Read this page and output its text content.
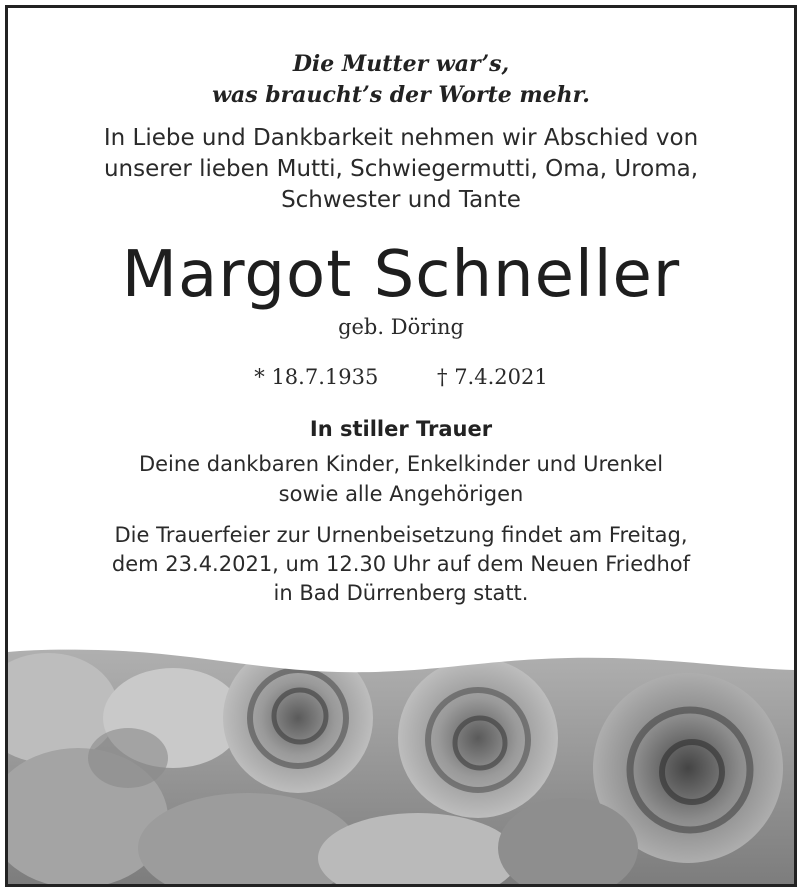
Die Mutter war’s,
was braucht’s der Worte mehr.
In Liebe und Dankbarkeit nehmen wir Abschied von
unserer lieben Mutti, Schwiegermutti, Oma, Uroma,
Schwester und Tante
Margot Schneller
geb. Döring
* 18.7.1935	† 7.4.2021
In stiller Trauer
Deine dankbaren Kinder, Enkelkinder und Urenkel
sowie alle Angehörigen
Die Trauerfeier zur Urnenbeisetzung findet am Freitag,
dem 23.4.2021, um 12.30 Uhr auf dem Neuen Friedhof
in Bad Dürrenberg statt.
